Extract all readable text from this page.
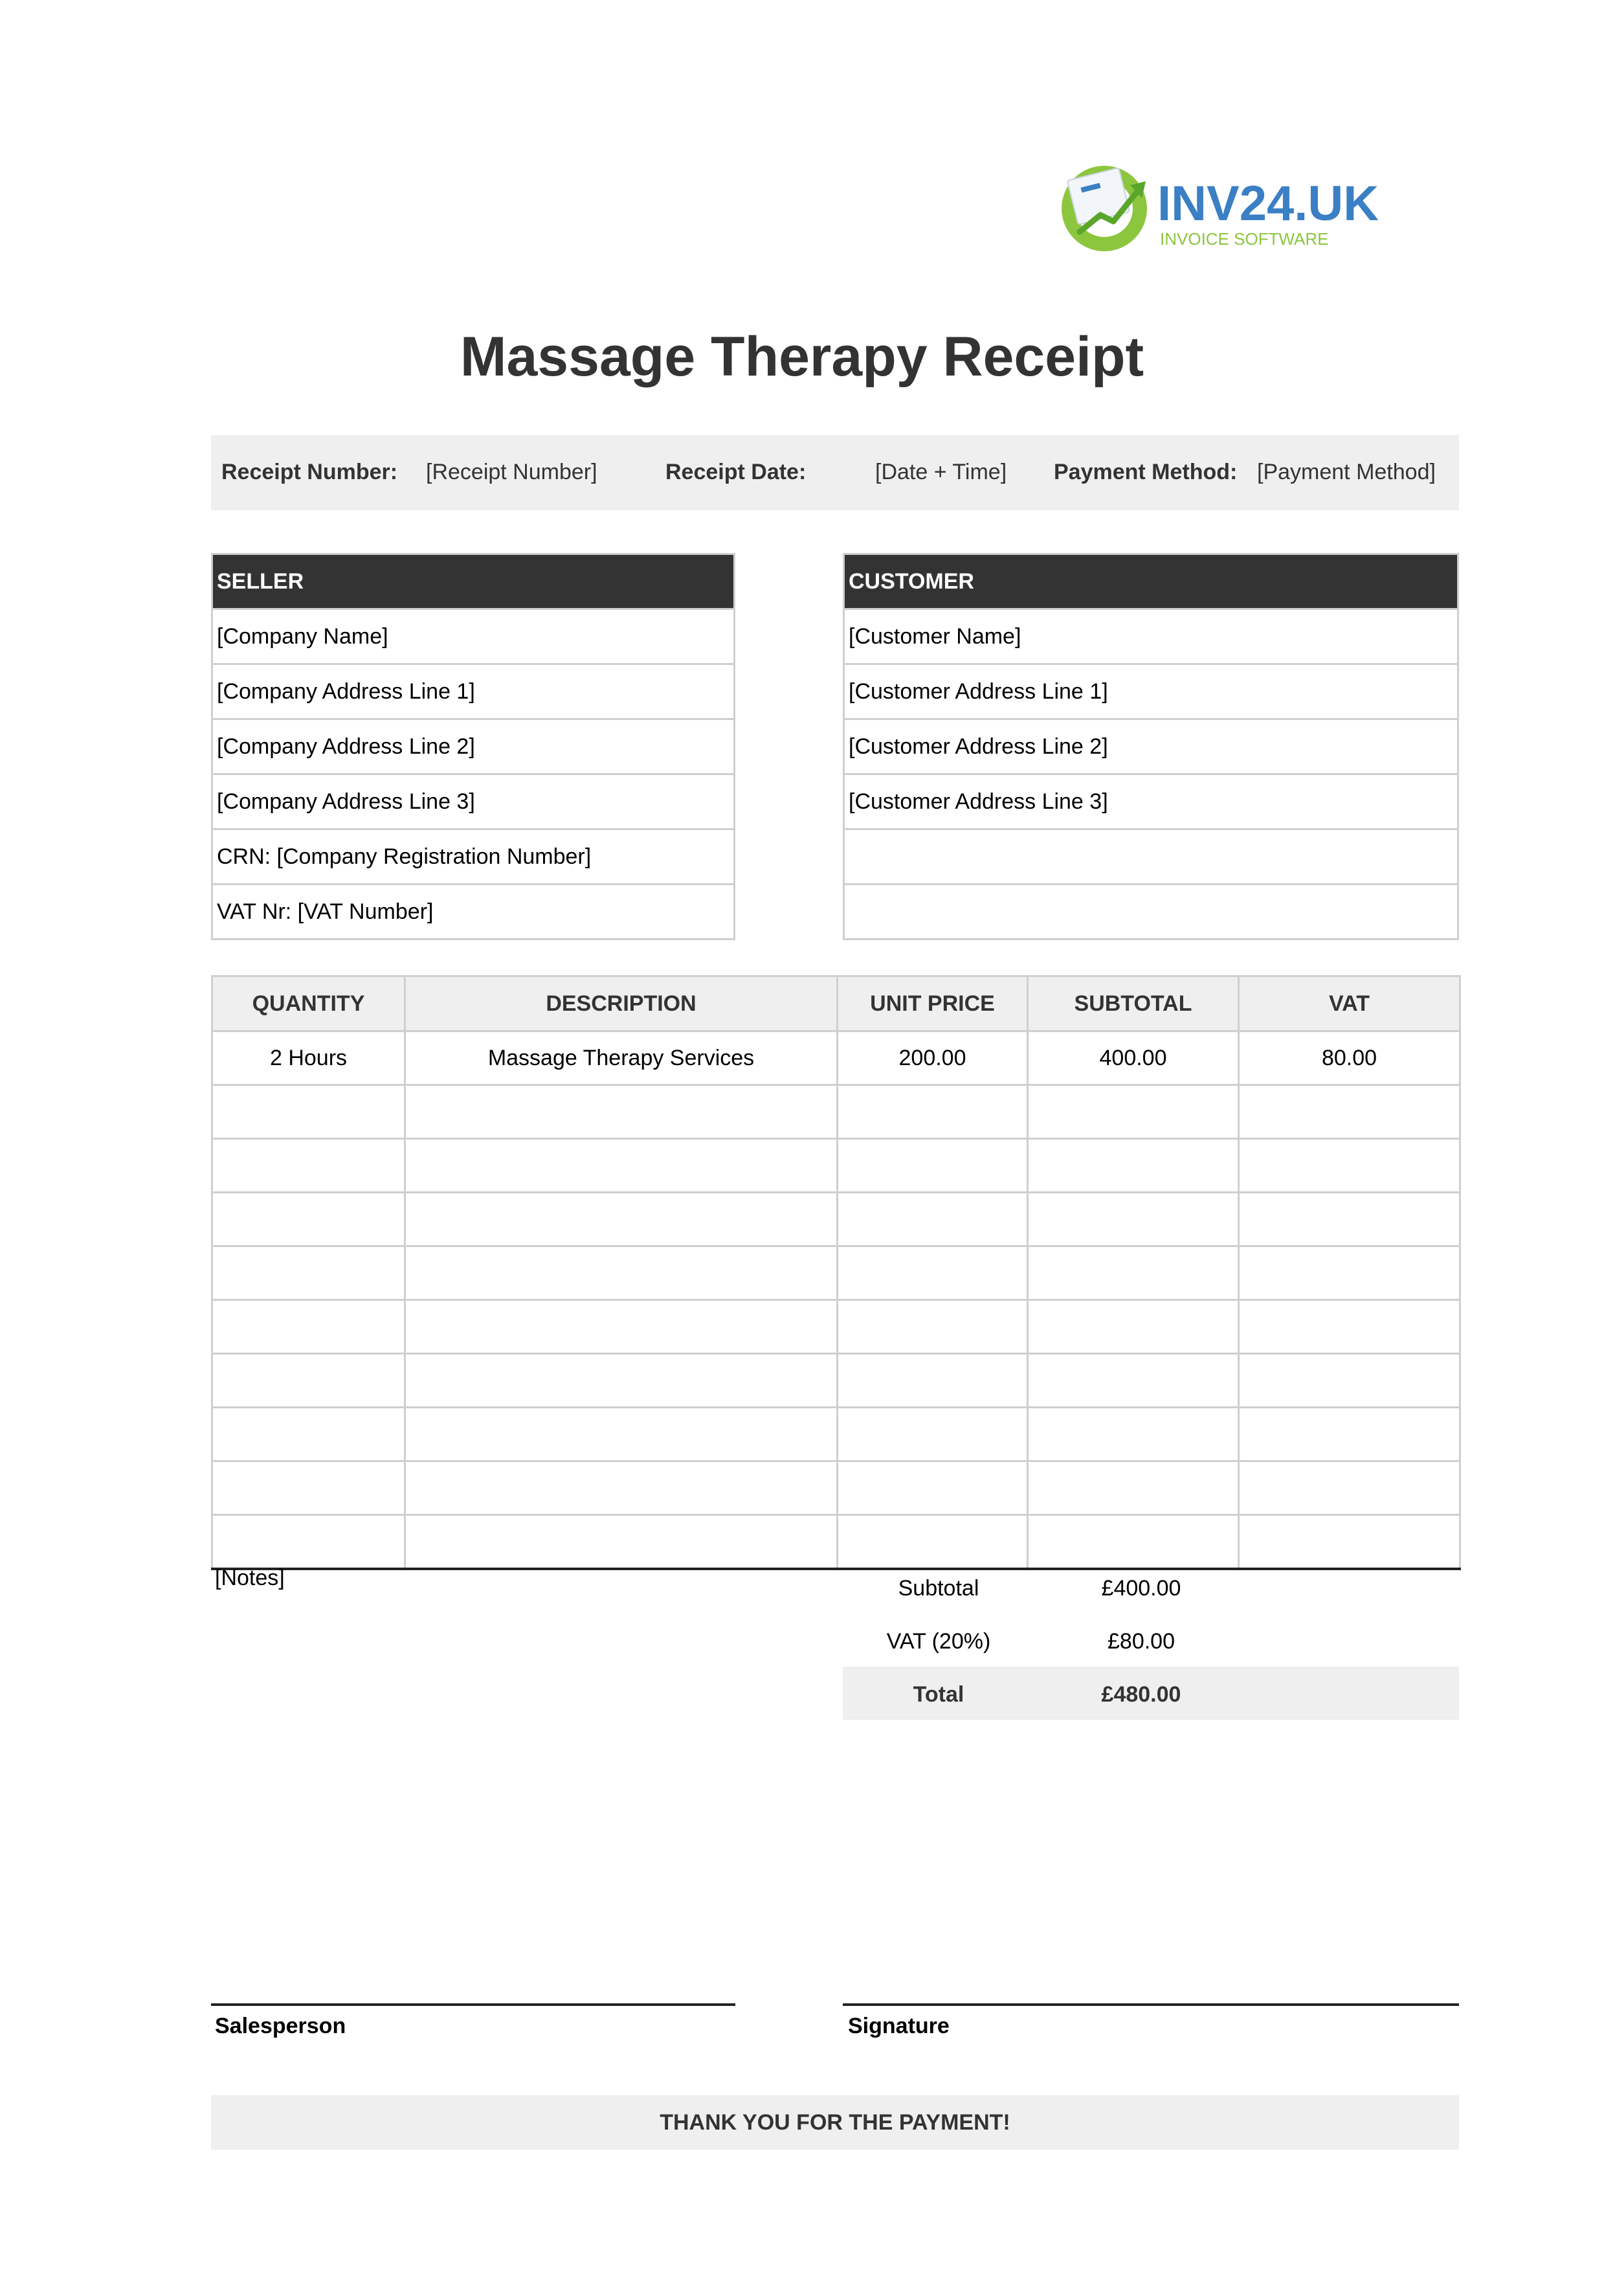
INV24.UK
INVOICE SOFTWARE
Massage Therapy Receipt
Receipt Number: [Receipt Number]	Receipt Date:	[Date + Time] Payment Method: [Payment Method]
SELLER
[Company Name]
[Company Address Line 1]
[Company Address Line 2]
[Company Address Line 3]
CRN: [Company Registration Number]
VAT Nr: [VAT Number]
CUSTOMER
[Customer Name]
[Customer Address Line 1]
[Customer Address Line 2]
[Customer Address Line 3]

QUANTITY	DESCRIPTION	UNIT PRICE	SUBTOTAL	VAT
2 Hours	Massage Therapy Services	200.00	400.00	80.00

[Notes]	Subtotal	£400.00
VAT (20%)	£80.00
Total	£480.00
Salesperson	Signature
THANK YOU FOR THE PAYMENT!
